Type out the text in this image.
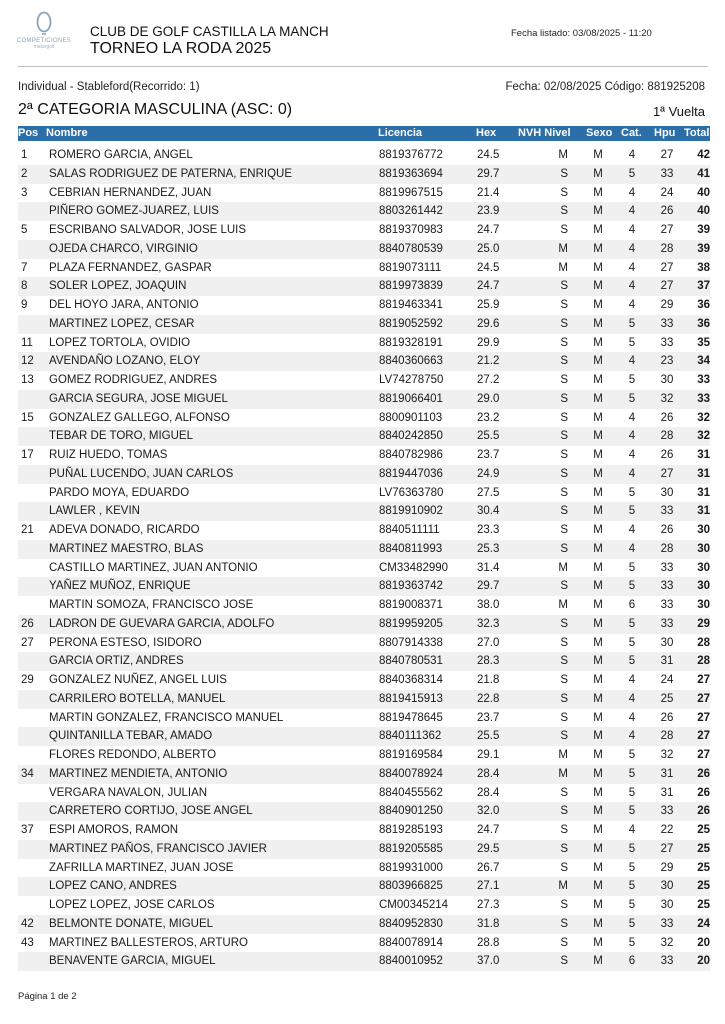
COMPETICIONES
matargolf
CLUB DE GOLF CASTILLA LA MANCH
TORNEO LA RODA 2025
Fecha listado: 03/08/2025 - 11:20
Individual - Stableford(Recorrido: 1)	Fecha: 02/08/2025 Código: 881925208
2ª CATEGORIA MASCULINA (ASC: 0)	1ª Vuelta
Pos Nombre	Licencia	Hex NVH Nivel Sexo Cat. Hpu Total
1 ROMERO GARCIA, ANGEL	8819376772	24.5	M	M	4	27	42
2 SALAS RODRIGUEZ DE PATERNA, ENRIQUE	8819363694	29.7	S	M	5	33	41
3 CEBRIAN HERNANDEZ, JUAN	8819967515	21.4	S	M	4	24	40
PIÑERO GOMEZ-JUAREZ, LUIS	8803261442	23.9	S	M	4	26	40
5 ESCRIBANO SALVADOR, JOSE LUIS	8819370983	24.7	S	M	4	27	39
OJEDA CHARCO, VIRGINIO	8840780539	25.0	M	M	4	28	39
7 PLAZA FERNANDEZ, GASPAR	8819073111	24.5	M	M	4	27	38
8 SOLER LOPEZ, JOAQUIN	8819973839	24.7	S	M	4	27	37
9 DEL HOYO JARA, ANTONIO	8819463341	25.9	S	M	4	29	36
MARTINEZ LOPEZ, CESAR	8819052592	29.6	S	M	5	33	36
11 LOPEZ TORTOLA, OVIDIO	8819328191	29.9	S	M	5	33	35
12 AVENDAÑO LOZANO, ELOY	8840360663	21.2	S	M	4	23	34
13 GOMEZ RODRIGUEZ, ANDRES	LV74278750	27.2	S	M	5	30	33
GARCIA SEGURA, JOSE MIGUEL	8819066401	29.0	S	M	5	32	33
15 GONZALEZ GALLEGO, ALFONSO	8800901103	23.2	S	M	4	26	32
TEBAR DE TORO, MIGUEL	8840242850	25.5	S	M	4	28	32
17 RUIZ HUEDO, TOMAS	8840782986	23.7	S	M	4	26	31
PUÑAL LUCENDO, JUAN CARLOS	8819447036	24.9	S	M	4	27	31
PARDO MOYA, EDUARDO	LV76363780	27.5	S	M	5	30	31
LAWLER , KEVIN	8819910902	30.4	S	M	5	33	31
21 ADEVA DONADO, RICARDO	8840511111	23.3	S	M	4	26	30
MARTINEZ MAESTRO, BLAS	8840811993	25.3	S	M	4	28	30
CASTILLO MARTINEZ, JUAN ANTONIO	CM33482990	31.4	M	M	5	33	30
YAÑEZ MUÑOZ, ENRIQUE	8819363742	29.7	S	M	5	33	30
MARTIN SOMOZA, FRANCISCO JOSE	8819008371	38.0	M	M	6	33	30
26 LADRON DE GUEVARA GARCIA, ADOLFO	8819959205	32.3	S	M	5	33	29
27 PERONA ESTESO, ISIDORO	8807914338	27.0	S	M	5	30	28
GARCIA ORTIZ, ANDRES	8840780531	28.3	S	M	5	31	28
29 GONZALEZ NUÑEZ, ANGEL LUIS	8840368314	21.8	S	M	4	24	27
CARRILERO BOTELLA, MANUEL	8819415913	22.8	S	M	4	25	27
MARTIN GONZALEZ, FRANCISCO MANUEL	8819478645	23.7	S	M	4	26	27
QUINTANILLA TEBAR, AMADO	8840111362	25.5	S	M	4	28	27
FLORES REDONDO, ALBERTO	8819169584	29.1	M	M	5	32	27
34 MARTINEZ MENDIETA, ANTONIO	8840078924	28.4	M	M	5	31	26
VERGARA NAVALON, JULIAN	8840455562	28.4	S	M	5	31	26
CARRETERO CORTIJO, JOSE ANGEL	8840901250	32.0	S	M	5	33	26
37 ESPI AMOROS, RAMON	8819285193	24.7	S	M	4	22	25
MARTINEZ PAÑOS, FRANCISCO JAVIER	8819205585	29.5	S	M	5	27	25
ZAFRILLA MARTINEZ, JUAN JOSE	8819931000	26.7	S	M	5	29	25
LOPEZ CANO, ANDRES	8803966825	27.1	M	M	5	30	25
LOPEZ LOPEZ, JOSE CARLOS	CM00345214	27.3	S	M	5	30	25
42 BELMONTE DONATE, MIGUEL	8840952830	31.8	S	M	5	33	24
43 MARTINEZ BALLESTEROS, ARTURO	8840078914	28.8	S	M	5	32	20
BENAVENTE GARCIA, MIGUEL	8840010952	37.0	S	M	6	33	20
Página 1 de 2
